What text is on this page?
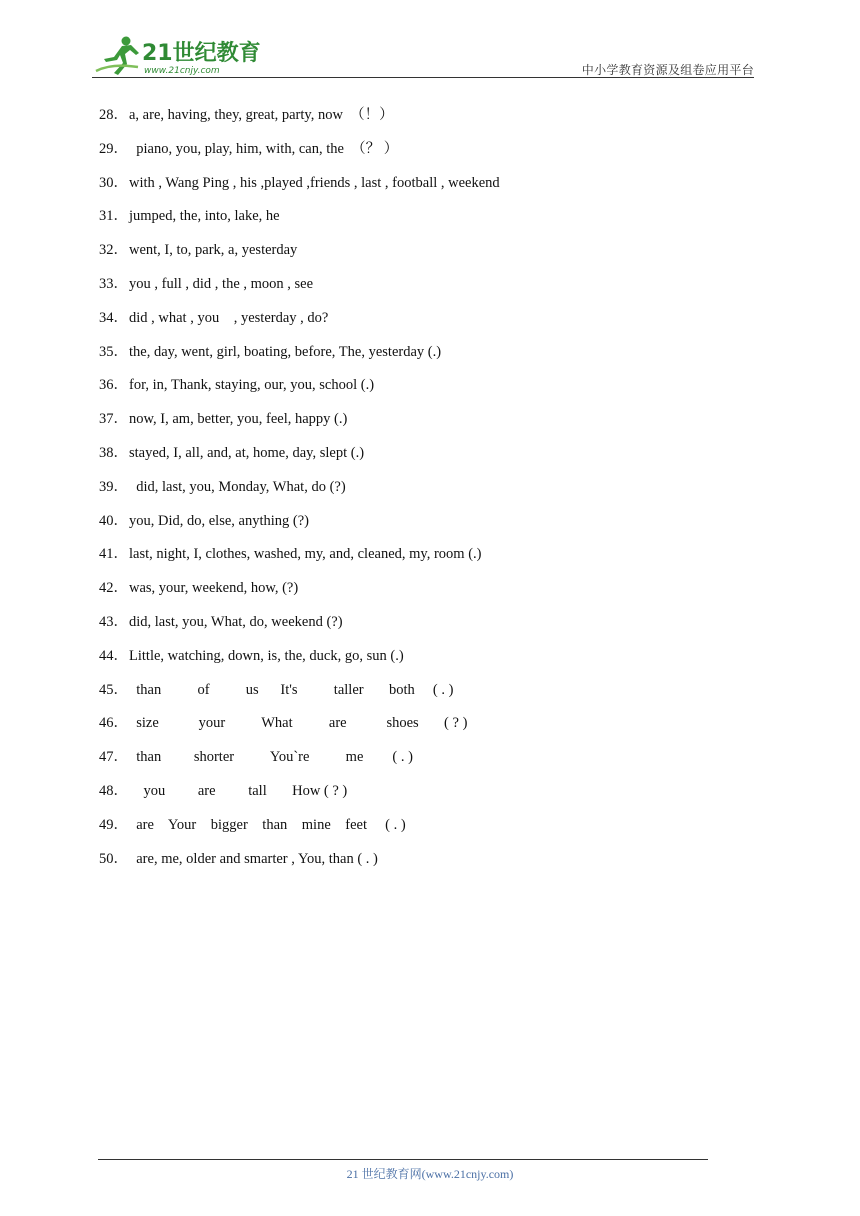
21世纪教育
www.21cnjy.com	中小学教育资源及组卷应用平台
28．a, are, having, they, great, party, now  （！）
29．  piano, you, play, him, with, can, the  （？ ）
30．with , Wang Ping , his ,played ,friends , last , football , weekend
31．jumped, the, into, lake, he
32．went, I, to, park, a, yesterday
33．you , full , did , the , moon , see
34．did , what , you    , yesterday , do?
35．the, day, went, girl, boating, before, The, yesterday (.)
36．for, in, Thank, staying, our, you, school (.)
37．now, I, am, better, you, feel, happy (.)
38．stayed, I, all, and, at, home, day, slept (.)
39．  did, last, you, Monday, What, do (?)
40．you, Did, do, else, anything (?)
41．last, night, I, clothes, washed, my, and, cleaned, my, room (.)
42．was, your, weekend, how, (?)
43．did, last, you, What, do, weekend (?)
44．Little, watching, down, is, the, duck, go, sun (.)
45．  than          of          us      It's          taller       both     ( . )
46．  size           your          What          are           shoes       ( ? )
47．  than         shorter          You`re          me        ( . )
48．    you         are         tall       How ( ? )
49．  are    Your    bigger    than    mine    feet     ( . )
50．  are, me, older and smarter , You, than ( . )
21 世纪教育网(www.21cnjy.com)
